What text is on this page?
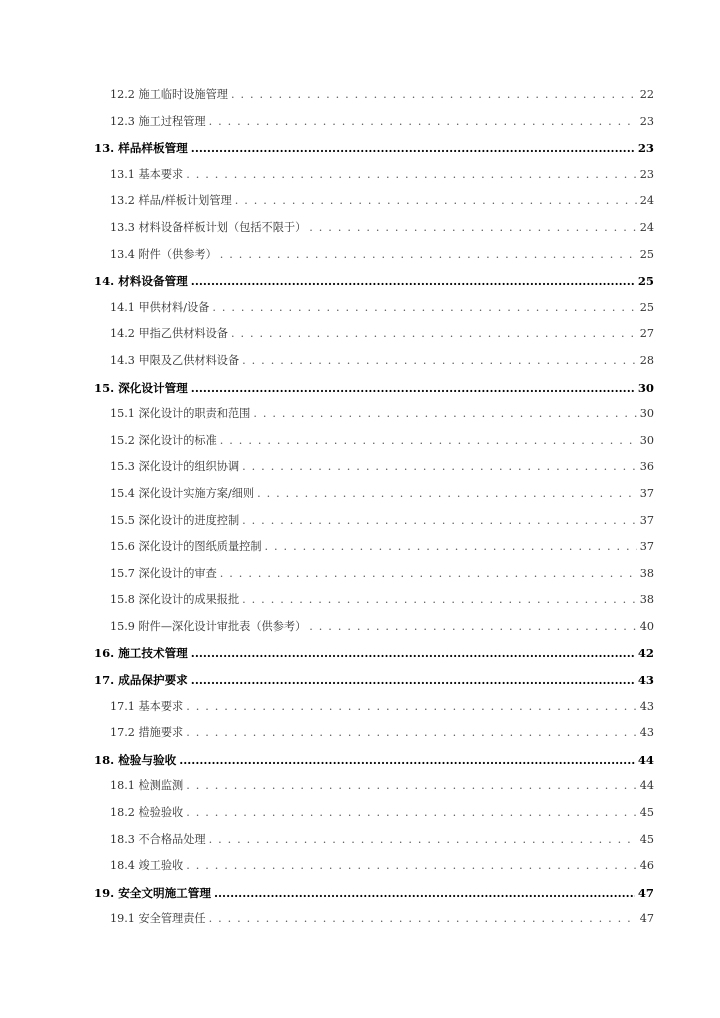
12.2 施工临时设施管理 . . .	22
12.3 施工过程管理 . . .	23
13. 样品样板管理 .....	23
13.1 基本要求 . . .	23
13.2 样品/样板计划管理 . . .	24
13.3 材料设备样板计划（包括不限于） . . .	24
13.4 附件（供参考） . . .	25
14. 材料设备管理 .....	25
14.1 甲供材料/设备 . . .	25
14.2 甲指乙供材料设备 . . .	27
14.3 甲限及乙供材料设备 . . .	28
15. 深化设计管理 .....	30
15.1 深化设计的职责和范围 . . .	30
15.2 深化设计的标准 . . .	30
15.3 深化设计的组织协调 . . .	36
15.4 深化设计实施方案/细则 . . .	37
15.5 深化设计的进度控制 . . .	37
15.6 深化设计的图纸质量控制 . . .	37
15.7 深化设计的审查 . . .	38
15.8 深化设计的成果报批 . . .	38
15.9 附件—深化设计审批表（供参考） . . .	40
16. 施工技术管理 .....	42
17. 成品保护要求 .....	43
17.1 基本要求 . . .	43
17.2 措施要求 . . .	43
18. 检验与验收 .....	44
18.1 检测监测 . . .	44
18.2 检验验收 . . .	45
18.3 不合格品处理 . . .	45
18.4 竣工验收 . . .	46
19. 安全文明施工管理 .....	47
19.1 安全管理责任 . . .	47
